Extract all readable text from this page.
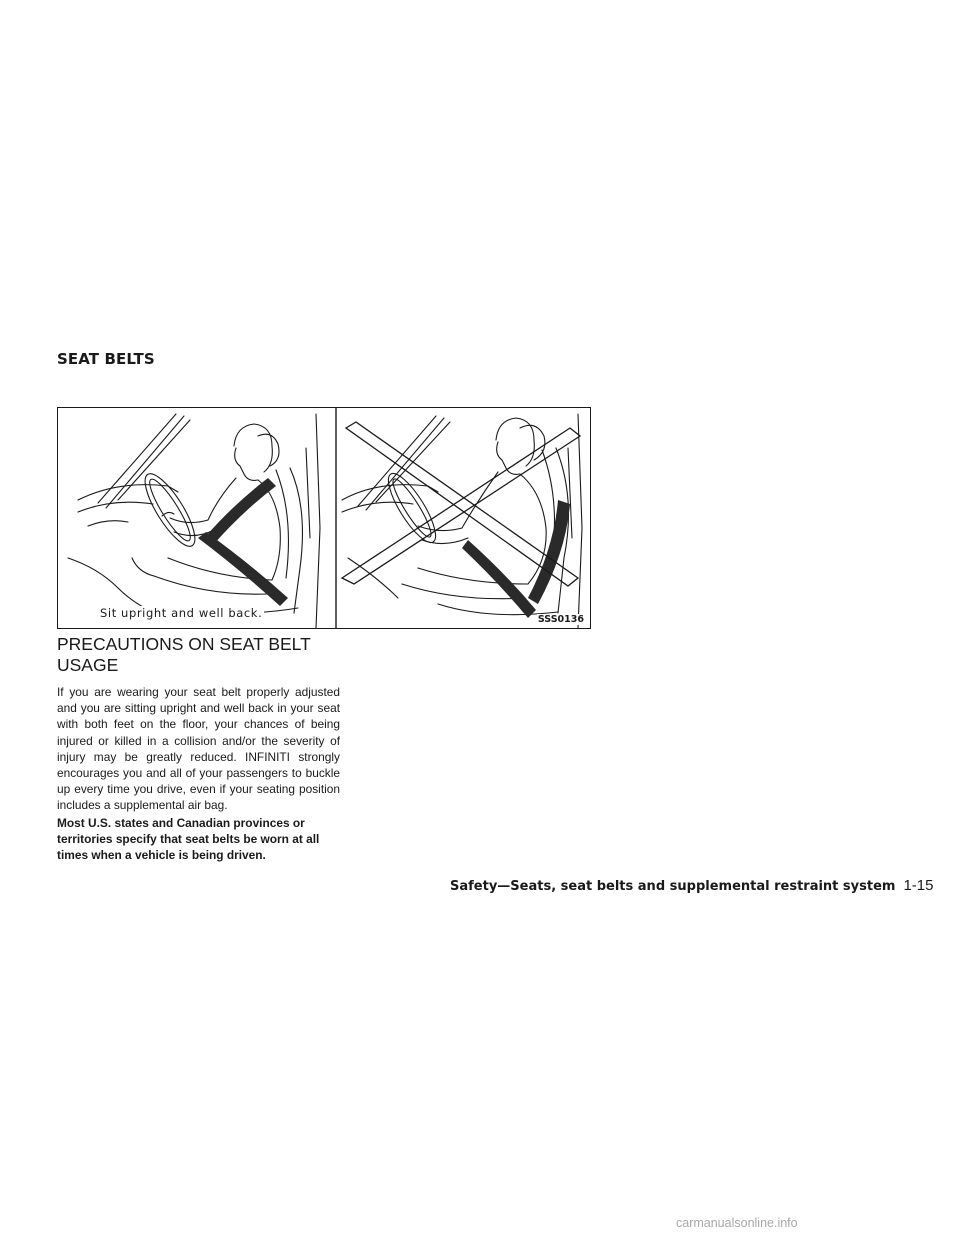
SEAT BELTS
Sit upright and well back.	SSS0136
PRECAUTIONS ON SEAT BELT USAGE

If you are wearing your seat belt properly adjusted and you are sitting upright and well back in your seat with both feet on the floor, your chances of being injured or killed in a collision and/or the severity of injury may be greatly reduced. INFINITI strongly encourages you and all of your passengers to buckle up every time you drive, even if your seating position includes a supplemental air bag.

Most U.S. states and Canadian provinces or territories specify that seat belts be worn at all times when a vehicle is being driven.

Safety—Seats, seat belts and supplemental restraint system 1-15
carmanualsonline.info
